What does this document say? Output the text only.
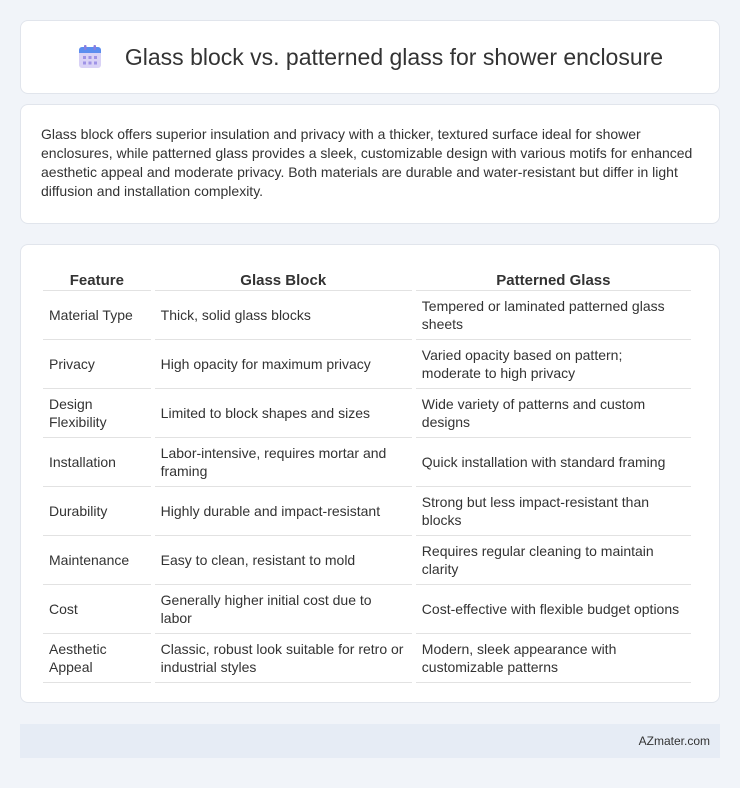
Glass block vs. patterned glass for shower enclosure

Glass block offers superior insulation and privacy with a thicker, textured surface ideal for shower enclosures, while patterned glass provides a sleek, customizable design with various motifs for enhanced aesthetic appeal and moderate privacy. Both materials are durable and water-resistant but differ in light diffusion and installation complexity.

Feature	Glass Block	Patterned Glass
Material Type	Thick, solid glass blocks	Tempered or laminated patterned glass sheets
Privacy	High opacity for maximum privacy	Varied opacity based on pattern; moderate to high privacy
Design Flexibility	Limited to block shapes and sizes	Wide variety of patterns and custom designs
Installation	Labor-intensive, requires mortar and framing	Quick installation with standard framing
Durability	Highly durable and impact-resistant	Strong but less impact-resistant than blocks
Maintenance	Easy to clean, resistant to mold	Requires regular cleaning to maintain clarity
Cost	Generally higher initial cost due to labor	Cost-effective with flexible budget options
Aesthetic Appeal	Classic, robust look suitable for retro or industrial styles	Modern, sleek appearance with customizable patterns
AZmater.com
